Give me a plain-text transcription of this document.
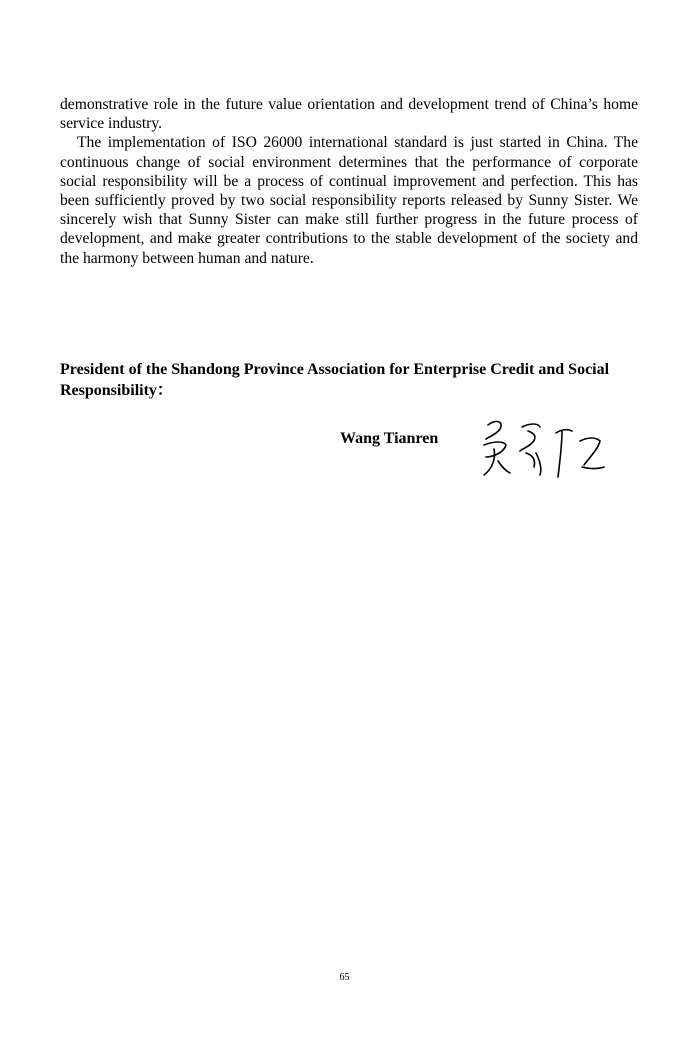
demonstrative role in the future value orientation and development trend of China’s home service industry.

The implementation of ISO 26000 international standard is just started in China. The continuous change of social environment determines that the performance of corporate social responsibility will be a process of continual improvement and perfection. This has been sufficiently proved by two social responsibility reports released by Sunny Sister. We sincerely wish that Sunny Sister can make still further progress in the future process of development, and make greater contributions to the stable development of the society and the harmony between human and nature.

President of the Shandong Province Association for Enterprise Credit and Social Responsibility：

Wang Tianren
65
